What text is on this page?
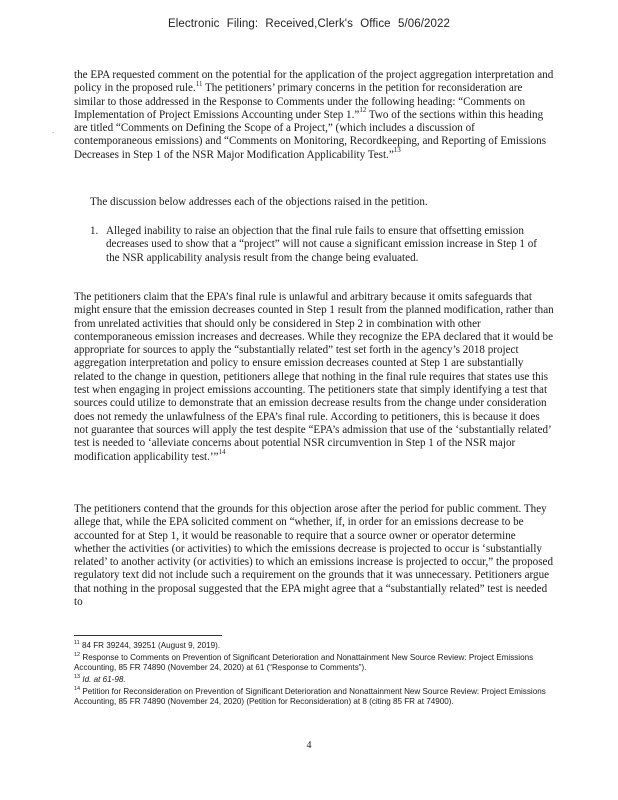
Electronic Filing: Received,Clerk's Office 5/06/2022
-

the EPA requested comment on the potential for the application of the project aggregation interpretation and policy in the proposed rule.$^{11}$ The petitioners’ primary concerns in the petition for reconsideration are similar to those addressed in the Response to Comments under the following heading: “Comments on Implementation of Project Emissions Accounting under Step 1.”$^{12}$ Two of the sections within this heading are titled “Comments on Defining the Scope of a Project,” (which includes a discussion of contemporaneous emissions) and “Comments on Monitoring, Recordkeeping, and Reporting of Emissions Decreases in Step 1 of the NSR Major Modification Applicability Test.”$^{13}$

The discussion below addresses each of the objections raised in the petition.

1. Alleged inability to raise an objection that the final rule fails to ensure that offsetting emission decreases used to show that a “project” will not cause a significant emission increase in Step 1 of the NSR applicability analysis result from the change being evaluated.

The petitioners claim that the EPA’s final rule is unlawful and arbitrary because it omits safeguards that might ensure that the emission decreases counted in Step 1 result from the planned modification, rather than from unrelated activities that should only be considered in Step 2 in combination with other contemporaneous emission increases and decreases. While they recognize the EPA declared that it would be appropriate for sources to apply the “substantially related” test set forth in the agency’s 2018 project aggregation interpretation and policy to ensure emission decreases counted at Step 1 are substantially related to the change in question, petitioners allege that nothing in the final rule requires that states use this test when engaging in project emissions accounting. The petitioners state that simply identifying a test that sources could utilize to demonstrate that an emission decrease results from the change under consideration does not remedy the unlawfulness of the EPA’s final rule. According to petitioners, this is because it does not guarantee that sources will apply the test despite “EPA’s admission that use of the ‘substantially related’ test is needed to ‘alleviate concerns about potential NSR circumvention in Step 1 of the NSR major modification applicability test.’”$^{14}$

The petitioners contend that the grounds for this objection arose after the period for public comment. They allege that, while the EPA solicited comment on “whether, if, in order for an emissions decrease to be accounted for at Step 1, it would be reasonable to require that a source owner or operator determine whether the activities (or activities) to which the emissions decrease is projected to occur is ‘substantially related’ to another activity (or activities) to which an emissions increase is projected to occur,” the proposed regulatory text did not include such a requirement on the grounds that it was unnecessary. Petitioners argue that nothing in the proposal suggested that the EPA might agree that a “substantially related” test is needed to

$^{11}$ 84 FR 39244, 39251 (August 9, 2019).
$^{12}$ Response to Comments on Prevention of Significant Deterioration and Nonattainment New Source Review: Project Emissions Accounting, 85 FR 74890 (November 24, 2020) at 61 (“Response to Comments”).
$^{13}$ Id. at 61-98.
$^{14}$ Petition for Reconsideration on Prevention of Significant Deterioration and Nonattainment New Source Review: Project Emissions Accounting, 85 FR 74890 (November 24, 2020) (Petition for Reconsideration) at 8 (citing 85 FR at 74900).
4
